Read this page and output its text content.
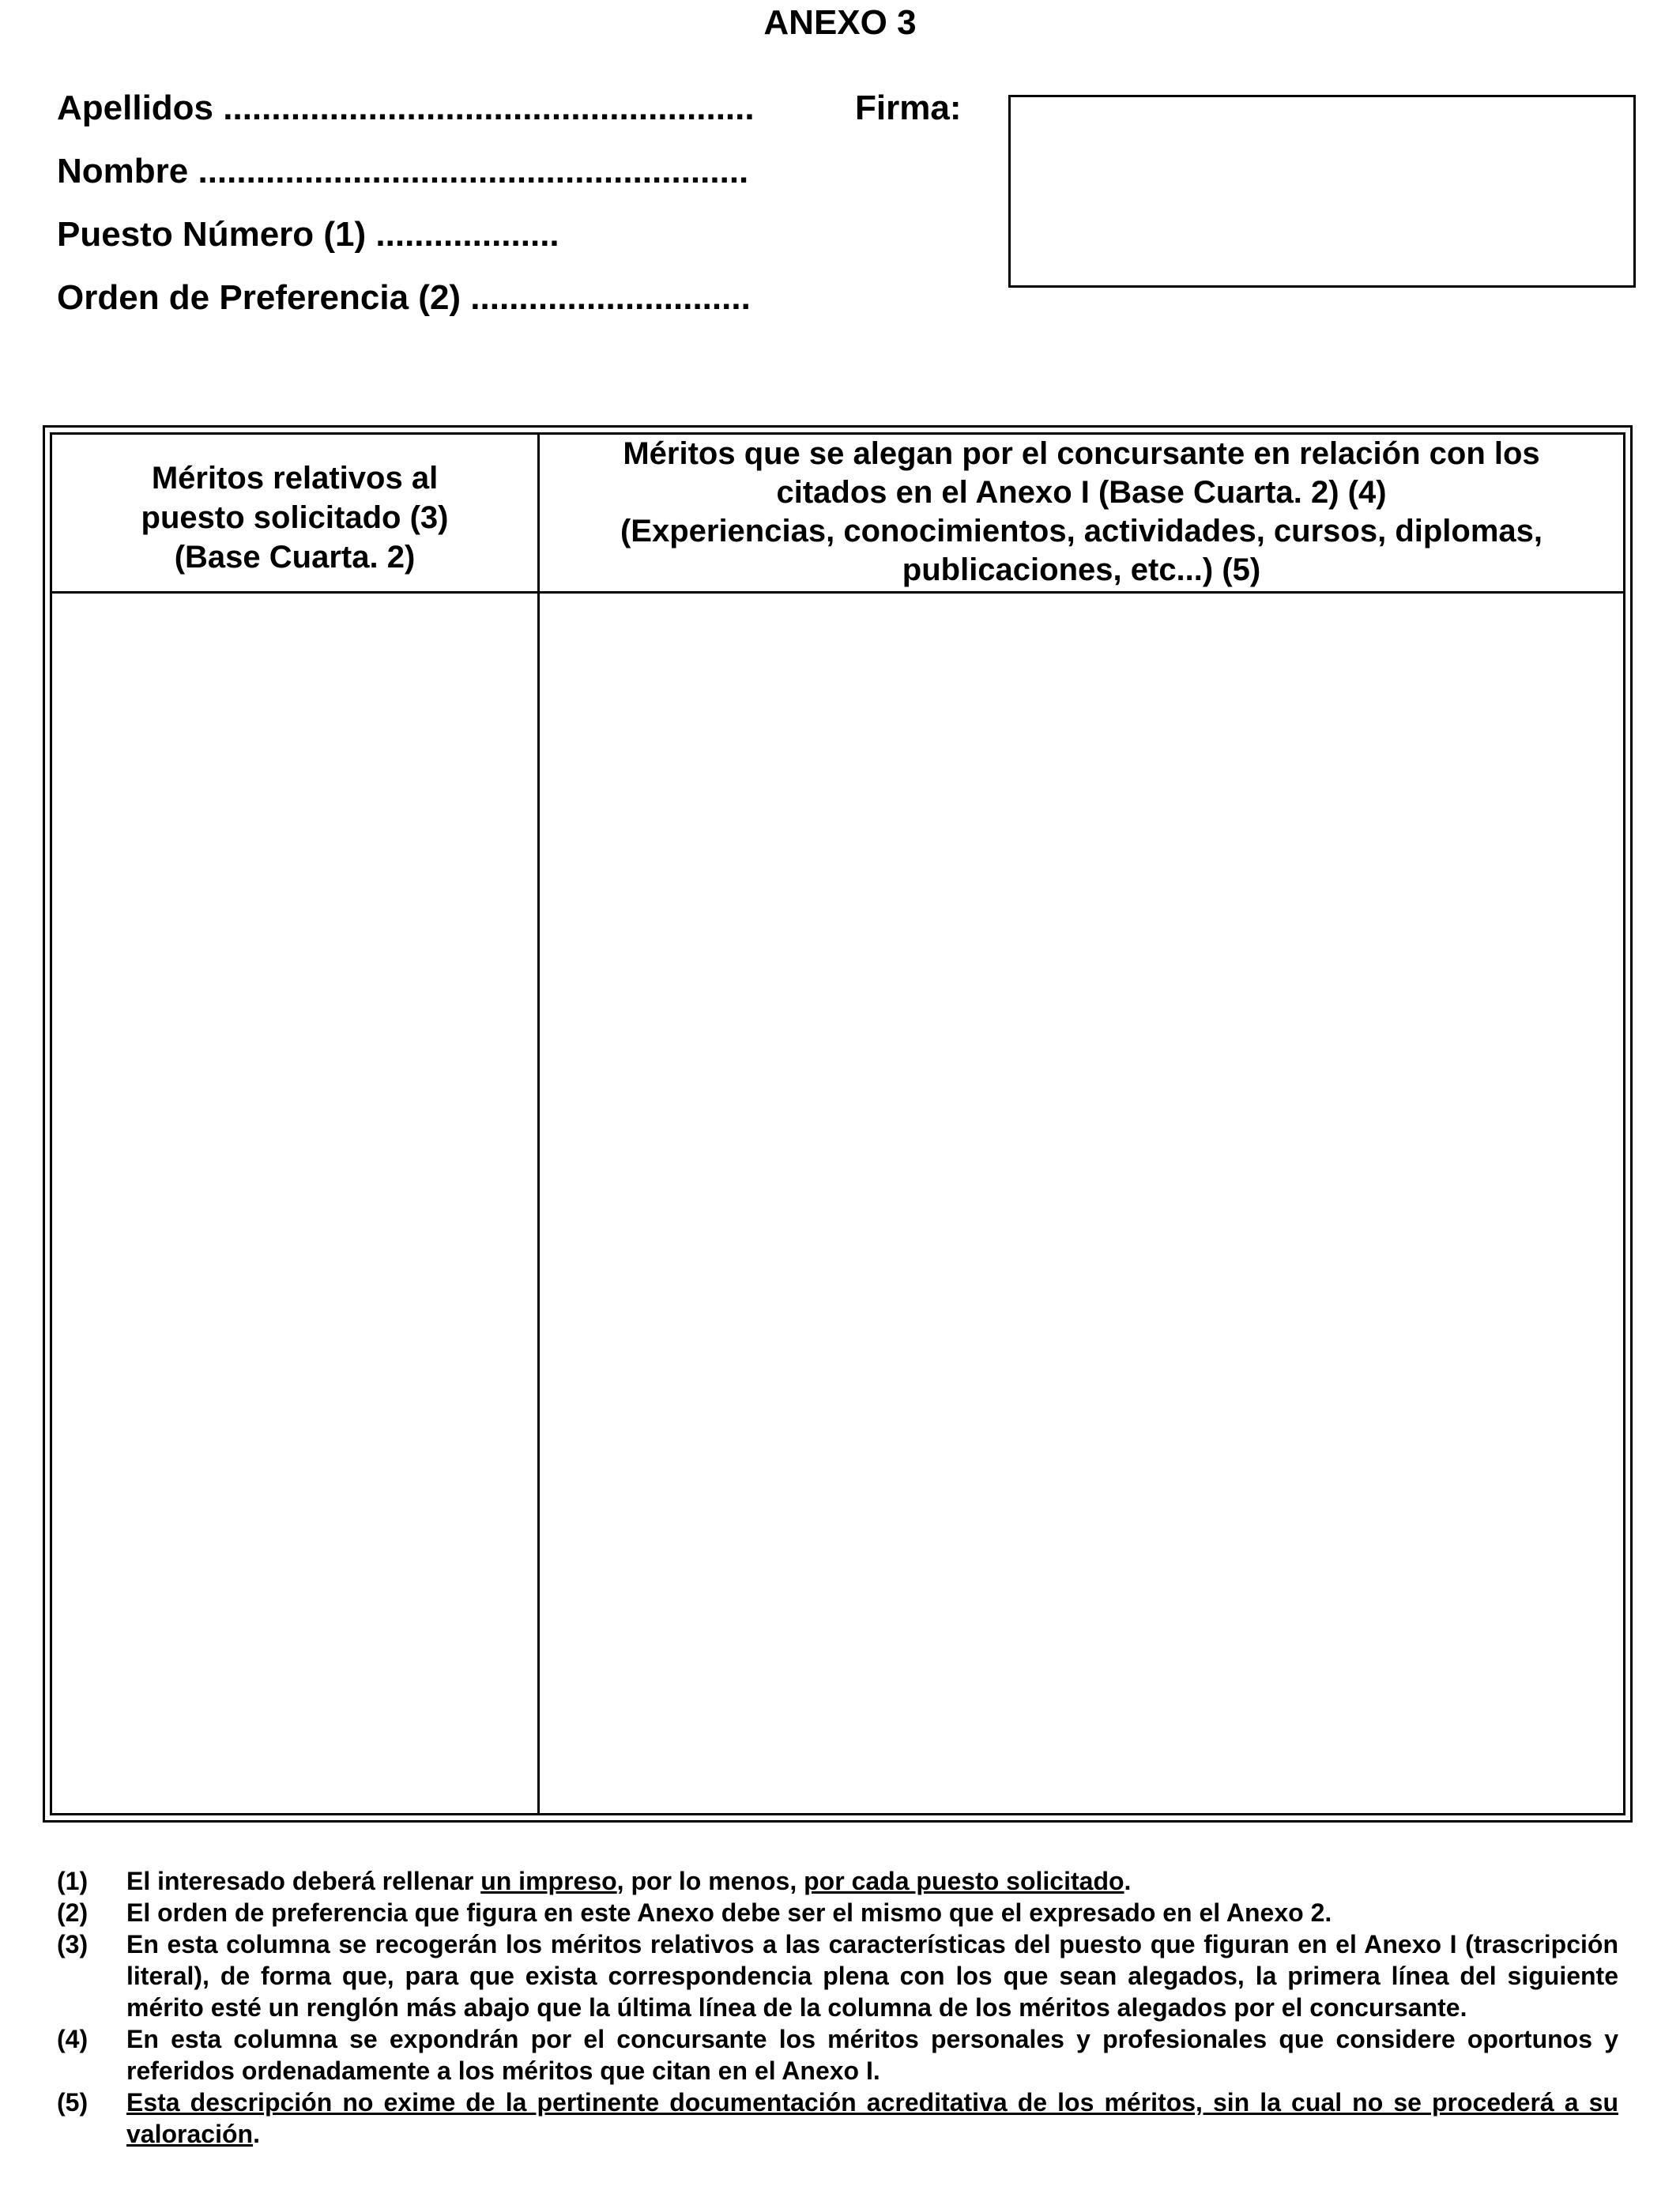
ANEXO 3
Apellidos .......................................................
Nombre .........................................................
Puesto Número (1) ...................
Orden de Preferencia (2) .............................
Firma:
Méritos relativos al
puesto solicitado (3)
(Base Cuarta. 2)
Méritos que se alegan por el concursante en relación con los
citados en el Anexo I (Base Cuarta. 2) (4)
(Experiencias, conocimientos, actividades, cursos, diplomas,
publicaciones, etc...) (5)
(1) El interesado deberá rellenar un impreso, por lo menos, por cada puesto solicitado.
(2) El orden de preferencia que figura en este Anexo debe ser el mismo que el expresado en el Anexo 2.
(3) En esta columna se recogerán los méritos relativos a las características del puesto que figuran en el Anexo I (trascripción literal), de forma que, para que exista correspondencia plena con los que sean alegados, la primera línea del siguiente mérito esté un renglón más abajo que la última línea de la columna de los méritos alegados por el concursante.
(4) En esta columna se expondrán por el concursante los méritos personales y profesionales que considere oportunos y referidos ordenadamente a los méritos que citan en el Anexo I.
(5) Esta descripción no exime de la pertinente documentación acreditativa de los méritos, sin la cual no se procederá a su valoración.
